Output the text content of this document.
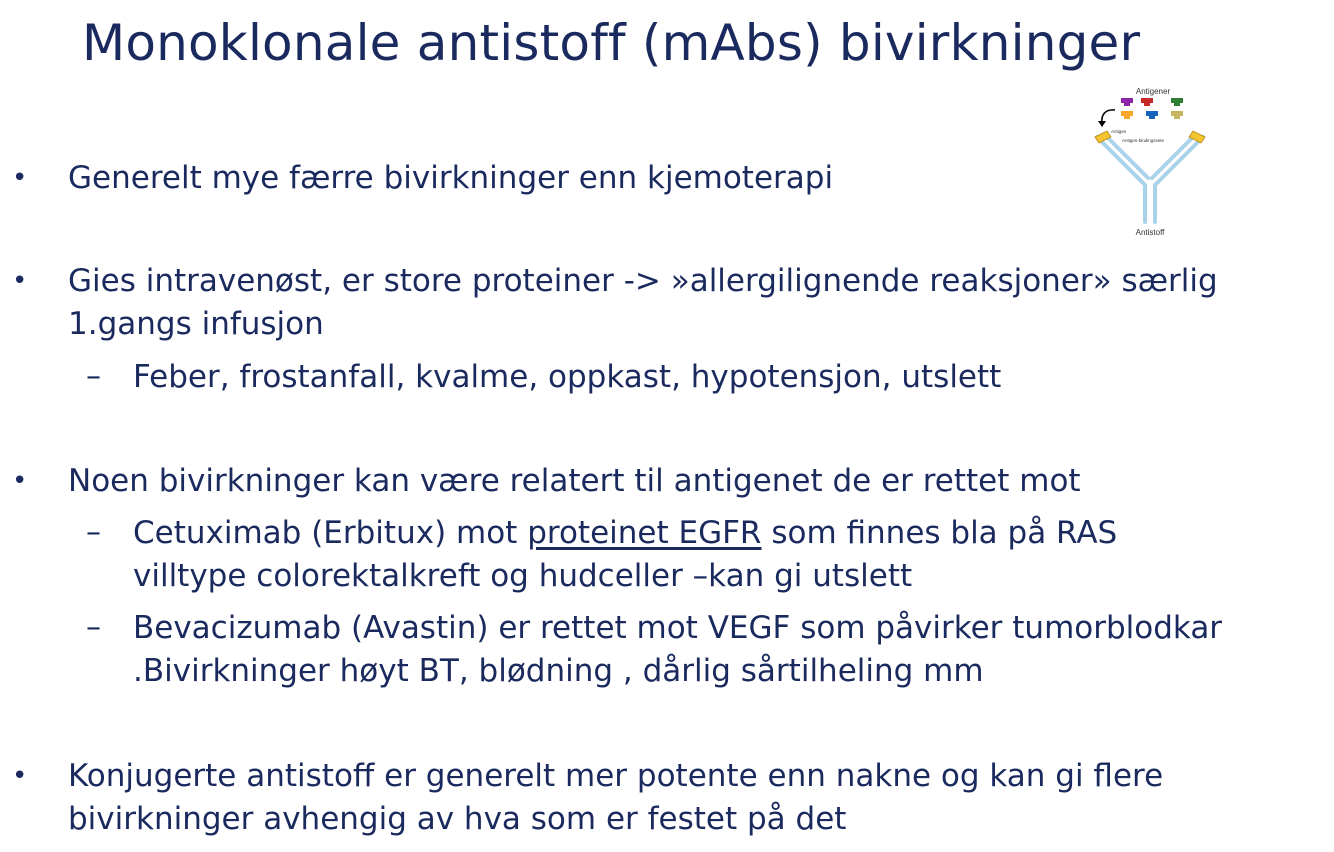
Monoklonale antistoff (mAbs) bivirkninger
• Generelt mye færre bivirkninger enn kjemoterapi
• Gies intravenøst, er store proteiner -> »allergilignende reaksjoner» særlig
1.gangs infusjon
– Feber, frostanfall, kvalme, oppkast, hypotensjon, utslett
• Noen bivirkninger kan være relatert til antigenet de er rettet mot
– Cetuximab (Erbitux) mot proteinet EGFR som finnes bla på RAS
villtype colorektalkreft og hudceller –kan gi utslett
– Bevacizumab (Avastin) er rettet mot VEGF som påvirker tumorblodkar
.Bivirkninger høyt BT, blødning , dårlig sårtilheling mm
• Konjugerte antistoff er generelt mer potente enn nakne og kan gi flere
bivirkninger avhengig av hva som er festet på det
Antigener
Antigen
Antigen-bindingssete
Antistoff
